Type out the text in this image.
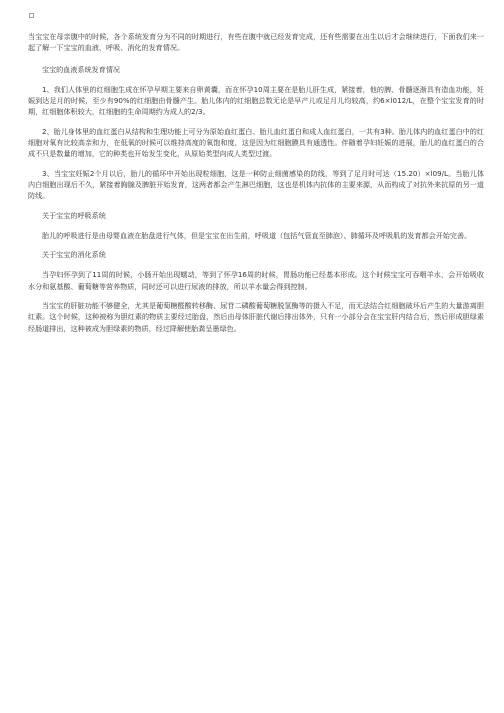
当宝宝在母亲腹中的时候，各个系统发育分为不同的时期进行，有些在腹中就已经发育完成，还有些需要在出生以后才会继续进行，下面我们来一起了解一下宝宝的血液、呼吸、消化的发育情况。

宝宝的血液系统发育情况

1、我们人体里的红细胞生成在怀孕早期主要来自卵黄囊，而在怀孕10周主要在是胎儿肝生成，紧接着，他的脾、骨髓逐渐具有造血功能，妊娠到达足月的时候，至少有90%的红细胞由骨髓产生。胎儿体内的红细胞总数无论是早产儿或足月儿均较高，约6×l012/L，在整个宝宝发育的时期，红细胞体积较大，红细胞的生命周期约为成人的2/3。

2、胎儿身体里的血红蛋白从结构和生理功能上可分为原始血红蛋白、胎儿血红蛋白和成人血红蛋白，一共有3种。胎儿体内的血红蛋白中的红细胞对氧有比较高亲和力，在低氧的时候可以维持高度的氧饱和度，这是因为红细胞膜具有通透性。伴随着孕妇妊娠的进展，胎儿的血红蛋白的合成不只是数量的增加，它的种类也开始发生变化，从原始类型向成人类型过渡。

3、当宝宝妊娠2个月以后，胎儿的循环中开始出现粒细胞，这是一种防止细菌感染的防线，等到了足月时可达（15.20）×l09/L。当胎儿体内白细胞出现后不久，紧接着胸腺及脾脏开始发育，这两者都会产生淋巴细胞，这也是机体内抗体的主要来源，从而构成了对抗外来抗原的另一道防线。

关于宝宝的呼吸系统

胎儿的呼吸进行是由母婴血液在胎盘进行气体，但是宝宝在出生前，呼吸道（包括气管直至肺泡）、肺循环及呼吸肌的发育都会开始完善。

关于宝宝的消化系统

当孕妇怀孕到了11周的时候，小肠开始出现蠕动，等到了怀孕16周的时候，胃肠功能已经基本形成。这个时候宝宝可吞咽羊水，会开始吸收水分和氨基酸、葡萄糖等营养物质，同时还可以进行尿液的排放，所以羊水量会得到控制。

当宝宝的肝脏功能不够健全，尤其是葡萄糖醛酸转移酶、尿苷二磷酸葡萄糖脱氢酶等的摄入不足，而无法结合红细胞破坏后产生的大量游离胆红素。这个时候，这种被称为胆红素的物质主要经过胎盘，然后由母体肝脏代谢后排出体外，只有一小部分会在宝宝肝内结合后，然后形成胆绿素经肠道排出，这种被成为胆绿素的物质，经过降解使胎粪呈墨绿色。
